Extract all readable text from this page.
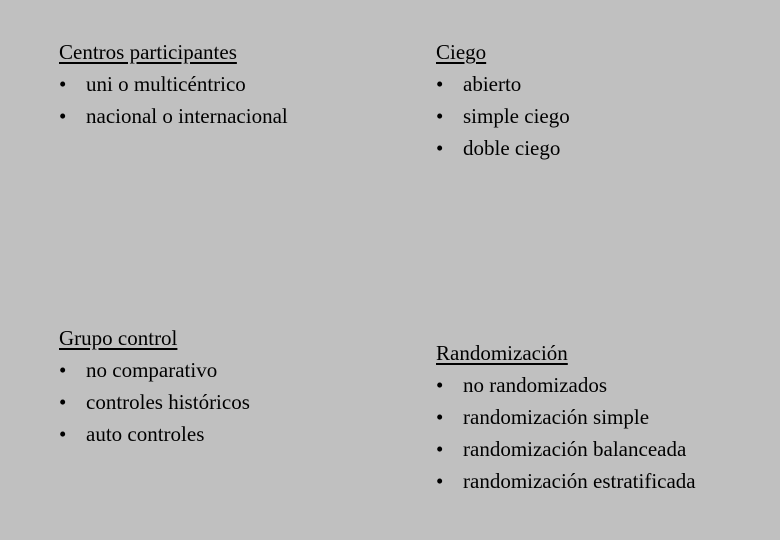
Centros participantes
• uni o multicéntrico
• nacional o internacional
Ciego
• abierto
• simple ciego
• doble ciego
Grupo control
• no comparativo
• controles históricos
• auto controles
Randomización
• no randomizados
• randomización simple
• randomización balanceada
• randomización estratificada
